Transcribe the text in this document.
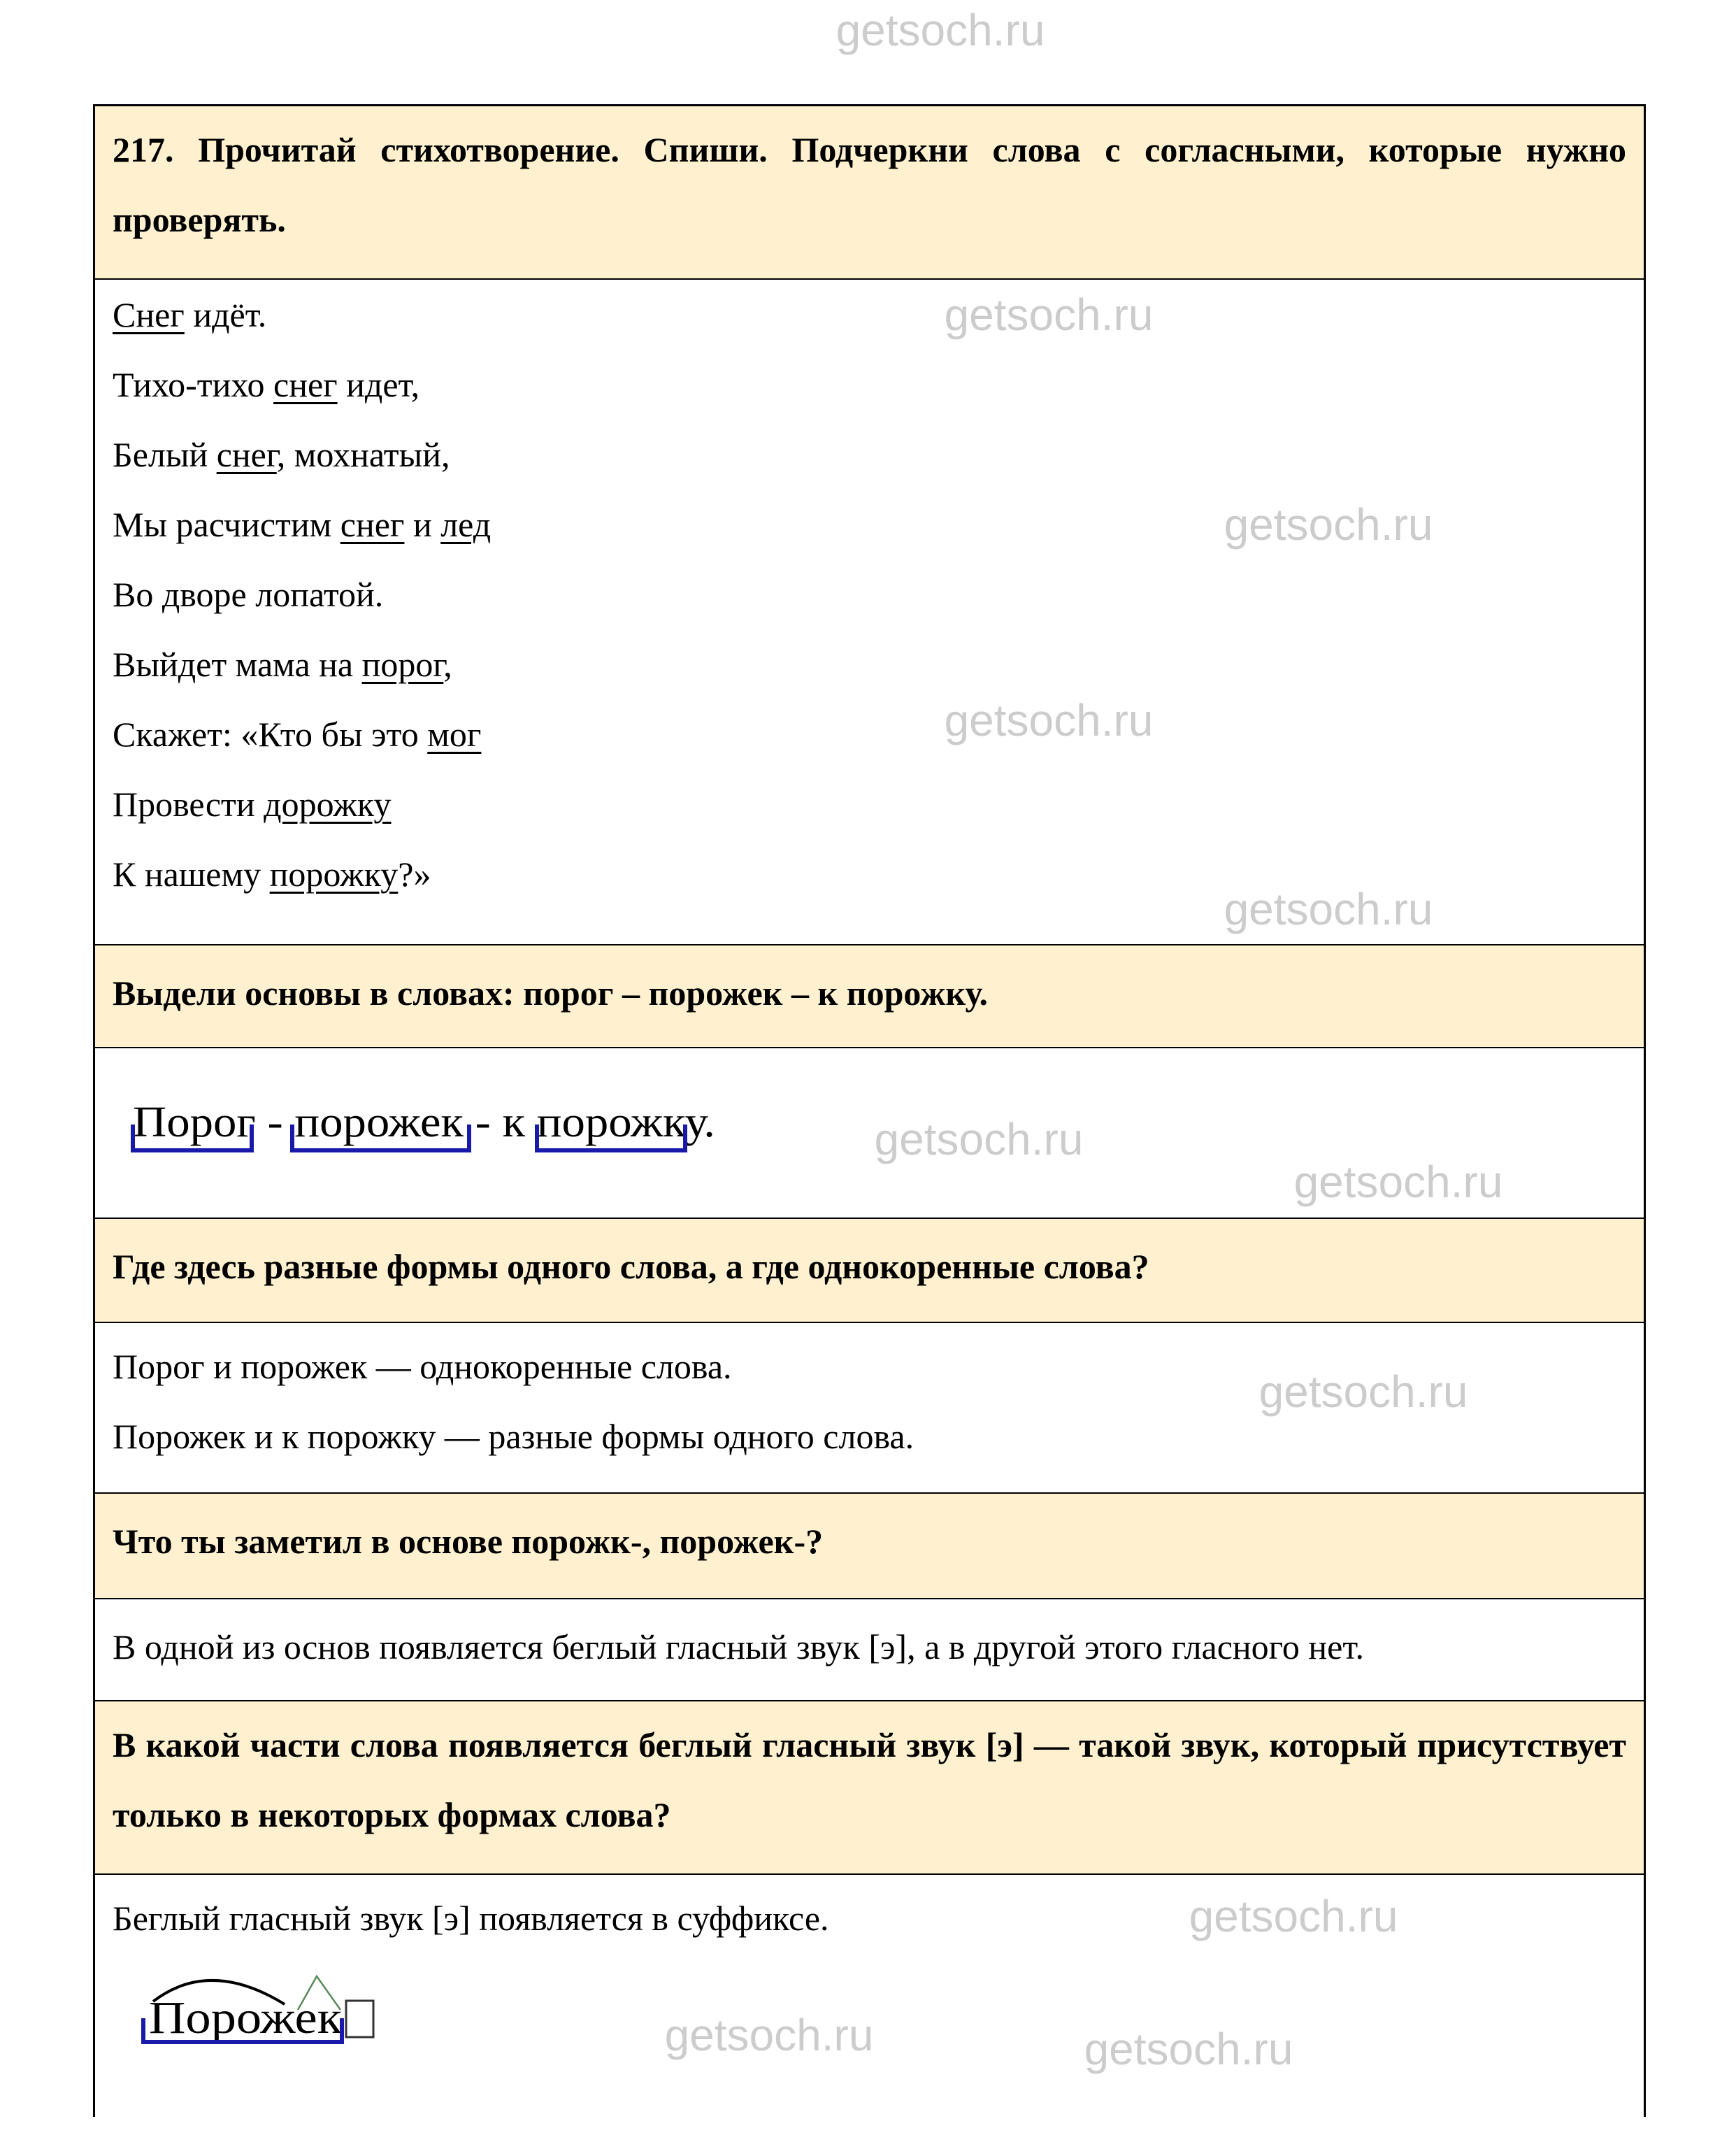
217. Прочитай стихотворение. Спиши. Подчеркни слова с согласными, которые нужно проверять.
Снег идёт.
Тихо-тихо снег идет,
Белый снег, мохнатый,
Мы расчистим снег и лед
Во дворе лопатой.
Выйдет мама на порог,
Скажет: «Кто бы это мог
Провести дорожку
К нашему порожку?»
Выдели основы в словах: порог – порожек – к порожку.
Где здесь разные формы одного слова, а где однокоренные слова?
Порог и порожек — однокоренные слова.
Порожек и к порожку — разные формы одного слова.
Что ты заметил в основе порожк-, порожек-?
В одной из основ появляется беглый гласный звук [э], а в другой этого гласного нет.
В какой части слова появляется беглый гласный звук [э] — такой звук, который присутствует только в некоторых формах слова?
Беглый гласный звук [э] появляется в суффиксе.
Порог - порожек - к порожку.
Порожек
getsoch.ru
getsoch.ru
getsoch.ru
getsoch.ru
getsoch.ru
getsoch.ru
getsoch.ru
getsoch.ru
getsoch.ru
getsoch.ru	getsoch.ru
